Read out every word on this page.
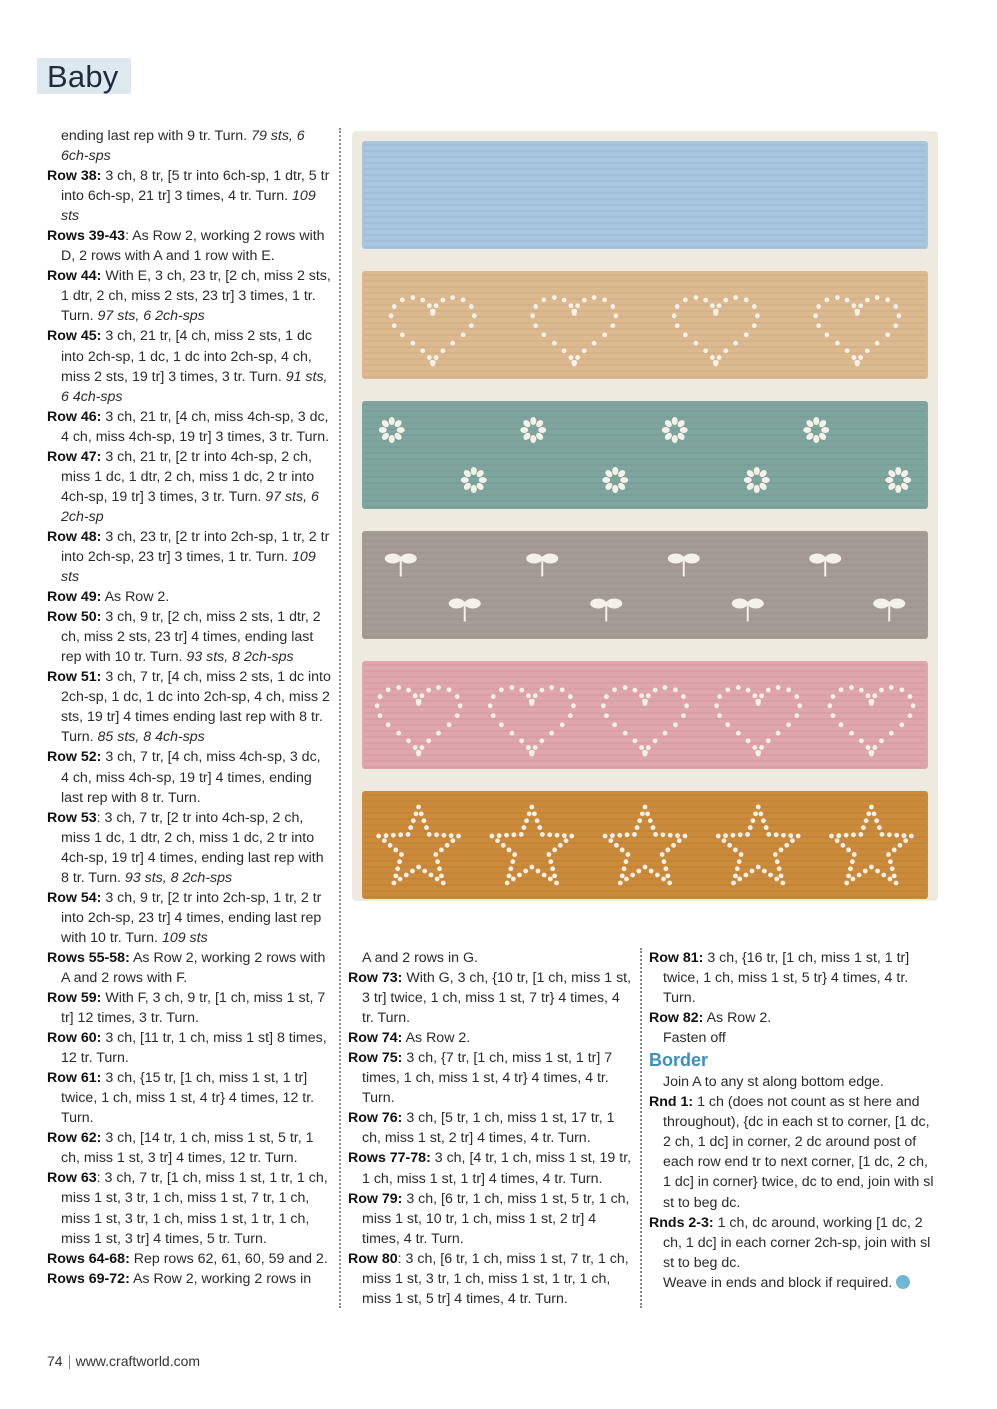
Baby

ending last rep with 9 tr. Turn. 79 sts, 6 6ch-sps

Row 38: 3 ch, 8 tr, [5 tr into 6ch-sp, 1 dtr, 5 tr into 6ch-sp, 21 tr] 3 times, 4 tr. Turn. 109 sts

Rows 39-43: As Row 2, working 2 rows with D, 2 rows with A and 1 row with E.

Row 44: With E, 3 ch, 23 tr, [2 ch, miss 2 sts, 1 dtr, 2 ch, miss 2 sts, 23 tr] 3 times, 1 tr. Turn. 97 sts, 6 2ch-sps

Row 45: 3 ch, 21 tr, [4 ch, miss 2 sts, 1 dc into 2ch-sp, 1 dc, 1 dc into 2ch-sp, 4 ch, miss 2 sts, 19 tr] 3 times, 3 tr. Turn. 91 sts, 6 4ch-sps

Row 46: 3 ch, 21 tr, [4 ch, miss 4ch-sp, 3 dc, 4 ch, miss 4ch-sp, 19 tr] 3 times, 3 tr. Turn.

Row 47: 3 ch, 21 tr, [2 tr into 4ch-sp, 2 ch, miss 1 dc, 1 dtr, 2 ch, miss 1 dc, 2 tr into 4ch-sp, 19 tr] 3 times, 3 tr. Turn. 97 sts, 6 2ch-sp

Row 48: 3 ch, 23 tr, [2 tr into 2ch-sp, 1 tr, 2 tr into 2ch-sp, 23 tr] 3 times, 1 tr. Turn. 109 sts

Row 49: As Row 2.

Row 50: 3 ch, 9 tr, [2 ch, miss 2 sts, 1 dtr, 2 ch, miss 2 sts, 23 tr] 4 times, ending last rep with 10 tr. Turn. 93 sts, 8 2ch-sps

Row 51: 3 ch, 7 tr, [4 ch, miss 2 sts, 1 dc into 2ch-sp, 1 dc, 1 dc into 2ch-sp, 4 ch, miss 2 sts, 19 tr] 4 times ending last rep with 8 tr. Turn. 85 sts, 8 4ch-sps

Row 52: 3 ch, 7 tr, [4 ch, miss 4ch-sp, 3 dc, 4 ch, miss 4ch-sp, 19 tr] 4 times, ending last rep with 8 tr. Turn.

Row 53: 3 ch, 7 tr, [2 tr into 4ch-sp, 2 ch, miss 1 dc, 1 dtr, 2 ch, miss 1 dc, 2 tr into 4ch-sp, 19 tr] 4 times, ending last rep with 8 tr. Turn. 93 sts, 8 2ch-sps

Row 54: 3 ch, 9 tr, [2 tr into 2ch-sp, 1 tr, 2 tr into 2ch-sp, 23 tr] 4 times, ending last rep with 10 tr. Turn. 109 sts

Rows 55-58: As Row 2, working 2 rows with A and 2 rows with F.

Row 59: With F, 3 ch, 9 tr, [1 ch, miss 1 st, 7 tr] 12 times, 3 tr. Turn.

Row 60: 3 ch, [11 tr, 1 ch, miss 1 st] 8 times, 12 tr. Turn.

Row 61: 3 ch, {15 tr, [1 ch, miss 1 st, 1 tr] twice, 1 ch, miss 1 st, 4 tr} 4 times, 12 tr. Turn.

Row 62: 3 ch, [14 tr, 1 ch, miss 1 st, 5 tr, 1 ch, miss 1 st, 3 tr] 4 times, 12 tr. Turn.

Row 63: 3 ch, 7 tr, [1 ch, miss 1 st, 1 tr, 1 ch, miss 1 st, 3 tr, 1 ch, miss 1 st, 7 tr, 1 ch, miss 1 st, 3 tr, 1 ch, miss 1 st, 1 tr, 1 ch, miss 1 st, 3 tr] 4 times, 5 tr. Turn.

Rows 64-68: Rep rows 62, 61, 60, 59 and 2.

Rows 69-72: As Row 2, working 2 rows in

A and 2 rows in G.

Row 73: With G, 3 ch, {10 tr, [1 ch, miss 1 st, 3 tr] twice, 1 ch, miss 1 st, 7 tr} 4 times, 4 tr. Turn.

Row 74: As Row 2.

Row 75: 3 ch, {7 tr, [1 ch, miss 1 st, 1 tr] 7 times, 1 ch, miss 1 st, 4 tr} 4 times, 4 tr. Turn.

Row 76: 3 ch, [5 tr, 1 ch, miss 1 st, 17 tr, 1 ch, miss 1 st, 2 tr] 4 times, 4 tr. Turn.

Rows 77-78: 3 ch, [4 tr, 1 ch, miss 1 st, 19 tr, 1 ch, miss 1 st, 1 tr] 4 times, 4 tr. Turn.

Row 79: 3 ch, [6 tr, 1 ch, miss 1 st, 5 tr, 1 ch, miss 1 st, 10 tr, 1 ch, miss 1 st, 2 tr] 4 times, 4 tr. Turn.

Row 80: 3 ch, [6 tr, 1 ch, miss 1 st, 7 tr, 1 ch, miss 1 st, 3 tr, 1 ch, miss 1 st, 1 tr, 1 ch, miss 1 st, 5 tr] 4 times, 4 tr. Turn.

Row 81: 3 ch, {16 tr, [1 ch, miss 1 st, 1 tr] twice, 1 ch, miss 1 st, 5 tr} 4 times, 4 tr. Turn.

Row 82: As Row 2.

Fasten off

Border

Join A to any st along bottom edge.

Rnd 1: 1 ch (does not count as st here and throughout), {dc in each st to corner, [1 dc, 2 ch, 1 dc] in corner, 2 dc around post of each row end tr to next corner, [1 dc, 2 ch, 1 dc] in corner} twice, dc to end, join with sl st to beg dc.

Rnds 2-3: 1 ch, dc around, working [1 dc, 2 ch, 1 dc] in each corner 2ch-sp, join with sl st to beg dc.

Weave in ends and block if required.

74 www.craftworld.com
